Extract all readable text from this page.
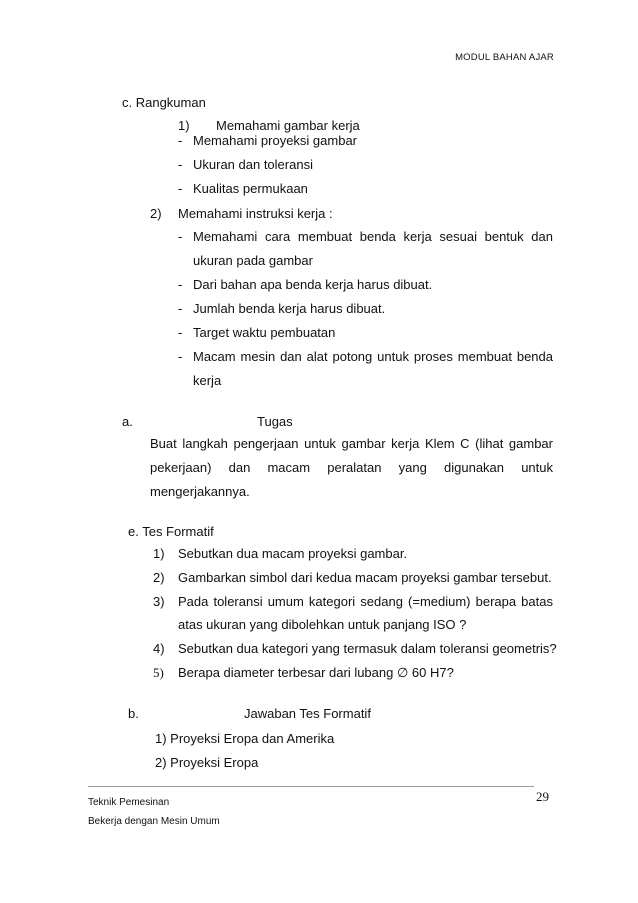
MODUL BAHAN AJAR
c. Rangkuman
1) Memahami gambar kerja
- Memahami proyeksi gambar
- Ukuran dan toleransi
- Kualitas permukaan
2) Memahami instruksi kerja :
- Memahami cara membuat benda kerja sesuai bentuk dan
ukuran pada gambar
- Dari bahan apa benda kerja harus dibuat.
- Jumlah benda kerja harus dibuat.
- Target waktu pembuatan
- Macam mesin dan alat potong untuk proses membuat benda
kerja
a.	Tugas
Buat langkah pengerjaan untuk gambar kerja Klem C (lihat gambar
pekerjaan) dan macam peralatan yang digunakan untuk
mengerjakannya.
e. Tes Formatif
1) Sebutkan dua macam proyeksi gambar.
2) Gambarkan simbol dari kedua macam proyeksi gambar tersebut.
3) Pada toleransi umum kategori sedang (=medium) berapa batas
atas ukuran yang dibolehkan untuk panjang ISO ?
4) Sebutkan dua kategori yang termasuk dalam toleransi geometris?
5) Berapa diameter terbesar dari lubang ∅ 60 H7?
b.	Jawaban Tes Formatif
1) Proyeksi Eropa dan Amerika
2) Proyeksi Eropa
Teknik Pemesinan
Bekerja dengan Mesin Umum
29
